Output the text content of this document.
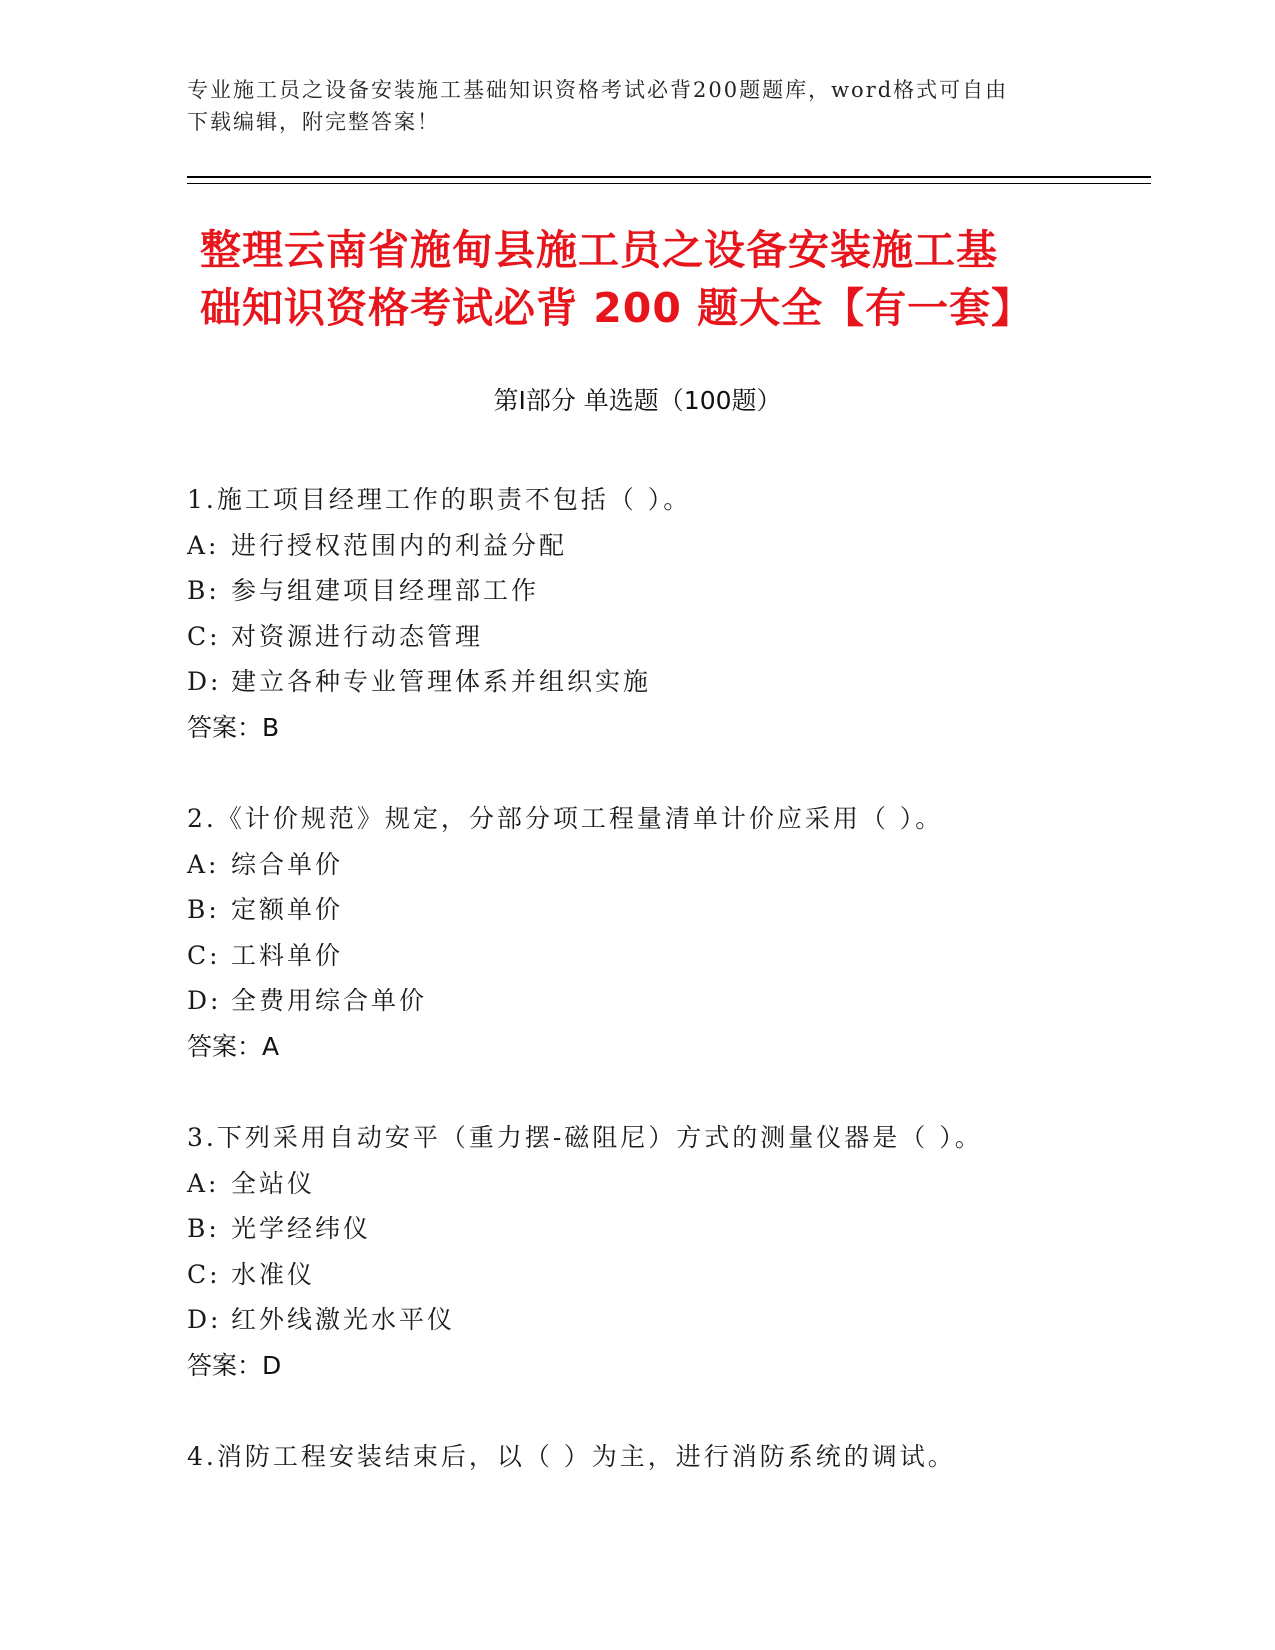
专业施工员之设备安装施工基础知识资格考试必背200题题库，word格式可自由
下载编辑，附完整答案！
整理云南省施甸县施工员之设备安装施工基
础知识资格考试必背 200 题大全【有一套】
第Ⅰ部分 单选题（100题）
1.施工项目经理工作的职责不包括（ ）。
A: 进行授权范围内的利益分配
B: 参与组建项目经理部工作
C: 对资源进行动态管理
D: 建立各种专业管理体系并组织实施
答案：B
2.《计价规范》规定，分部分项工程量清单计价应采用（ ）。
A: 综合单价
B: 定额单价
C: 工料单价
D: 全费用综合单价
答案：A
3.下列采用自动安平（重力摆-磁阻尼）方式的测量仪器是（ ）。
A: 全站仪
B: 光学经纬仪
C: 水准仪
D: 红外线激光水平仪
答案：D
4.消防工程安装结束后，以（ ）为主，进行消防系统的调试。
